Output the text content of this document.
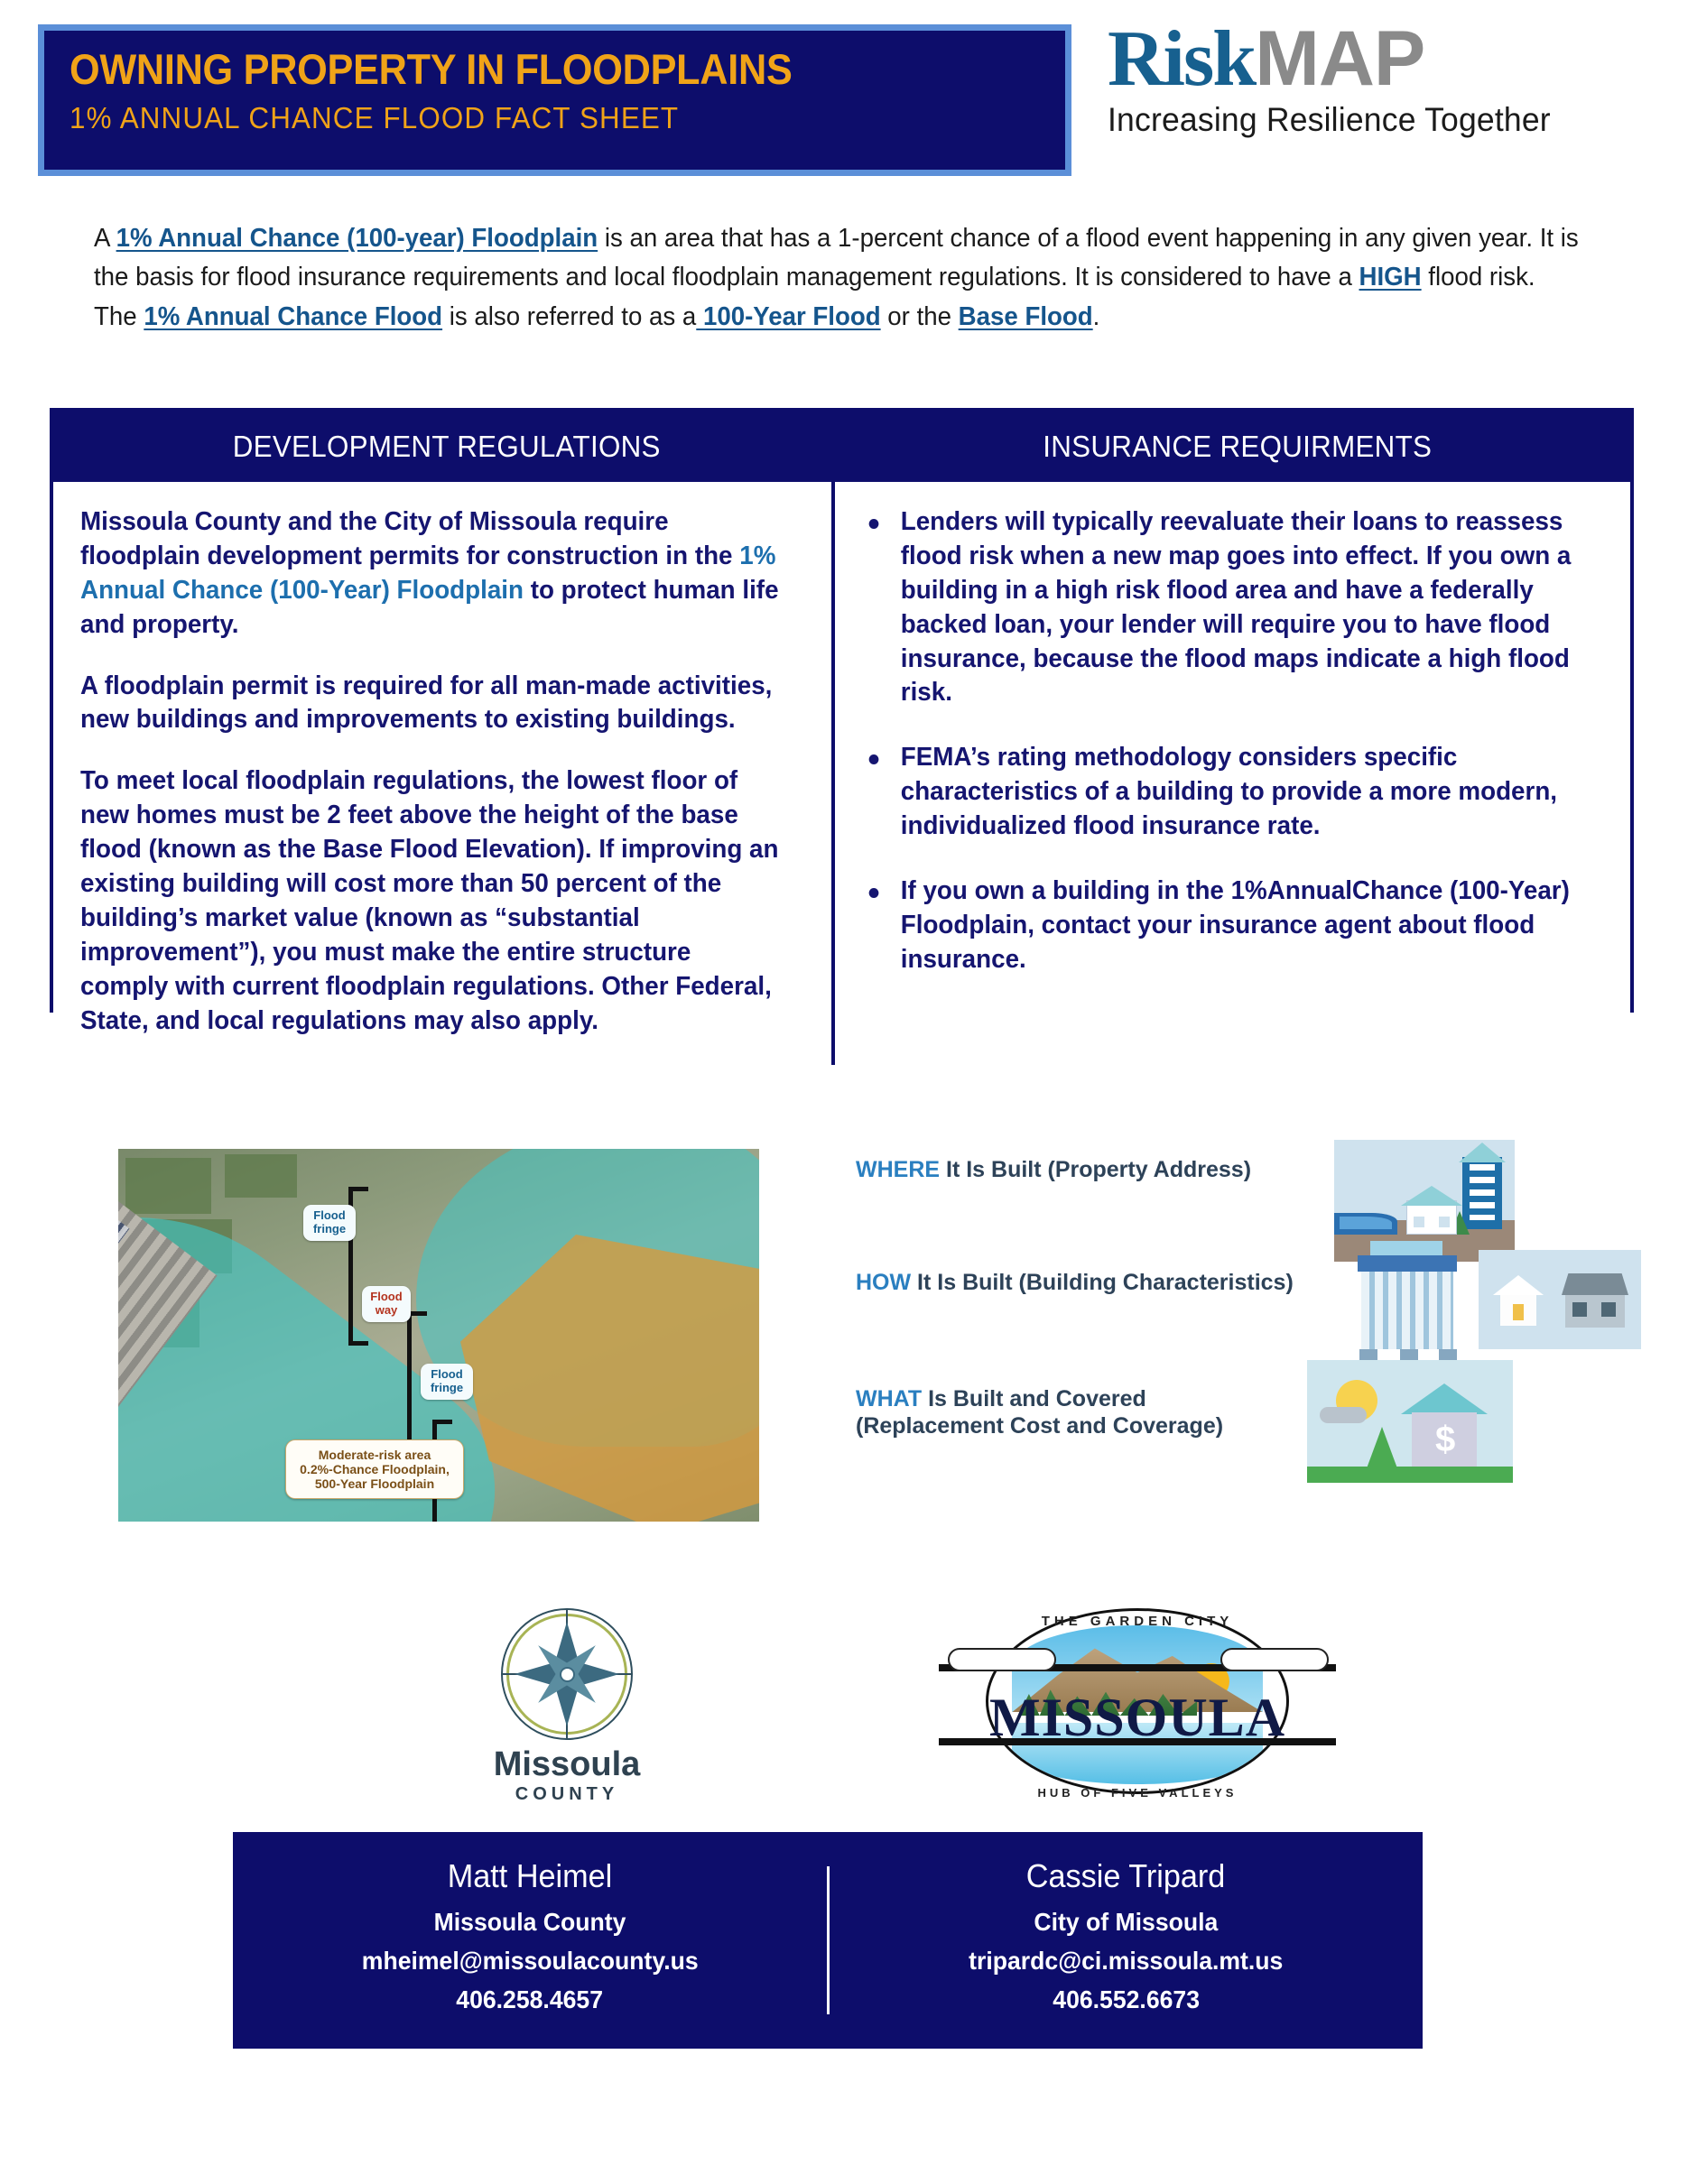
OWNING PROPERTY IN FLOODPLAINS
1% ANNUAL CHANCE FLOOD FACT SHEET
RiskMAP
Increasing Resilience Together
A 1% Annual Chance (100-year) Floodplain is an area that has a 1-percent chance of a flood event happening in any given year. It is the basis for flood insurance requirements and local floodplain management regulations. It is considered to have a HIGH flood risk. The 1% Annual Chance Flood is also referred to as a 100-Year Flood or the Base Flood.
DEVELOPMENT REGULATIONS	INSURANCE REQUIRMENTS
Missoula County and the City of Missoula require floodplain development permits for construction in the 1% Annual Chance (100-Year) Floodplain to protect human life and property.
A floodplain permit is required for all man-made activities, new buildings and improvements to existing buildings.
To meet local floodplain regulations, the lowest floor of new homes must be 2 feet above the height of the base flood (known as the Base Flood Elevation). If improving an existing building will cost more than 50 percent of the building’s market value (known as “substantial improvement”), you must make the entire structure comply with current floodplain regulations. Other Federal, State, and local regulations may also apply.
Lenders will typically reevaluate their loans to reassess flood risk when a new map goes into effect. If you own a building in a high risk flood area and have a federally backed loan, your lender will require you to have flood insurance, because the flood maps indicate a high flood risk.
FEMA’s rating methodology considers specific characteristics of a building to provide a more modern, individualized flood insurance rate.
If you own a building in the 1%AnnualChance (100-Year) Floodplain, contact your insurance agent about flood insurance.
Flood
fringe
Flood
way
Flood
fringe
Moderate-risk area
0.2%-Chance Floodplain,
500-Year Floodplain
WHERE It Is Built (Property Address)
HOW It Is Built (Building Characteristics)
WHAT Is Built and Covered
(Replacement Cost and Coverage)	$
Missoula
COUNTY
THE GARDEN CITY
MISSOULA
HUB OF FIVE VALLEYS
Matt Heimel
Missoula County
mheimel@missoulacounty.us
406.258.4657
Cassie Tripard
City of Missoula
tripardc@ci.missoula.mt.us
406.552.6673
